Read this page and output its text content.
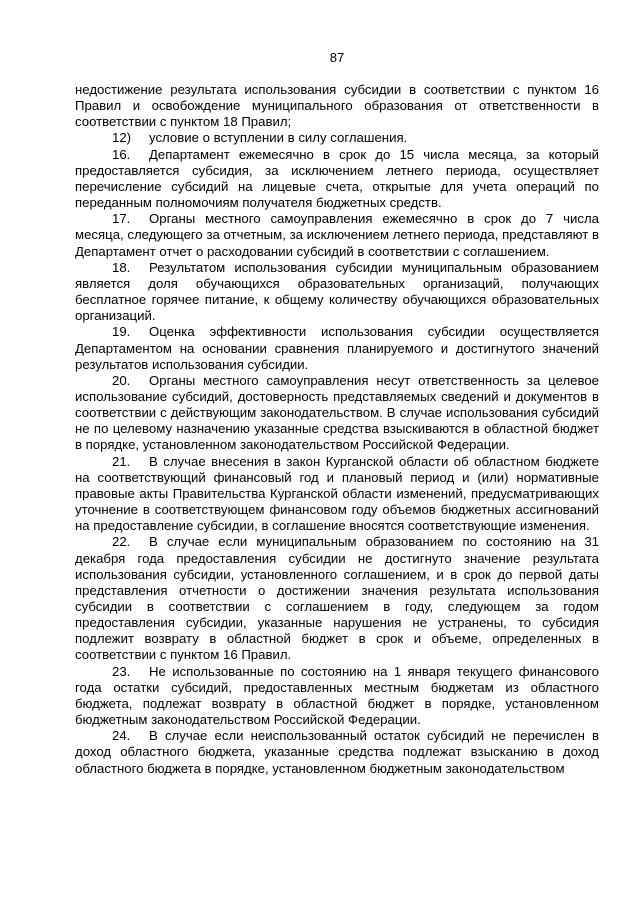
87

недостижение результата использования субсидии в соответствии с пунктом 16 Правил и освобождение муниципального образования от ответственности в соответствии с пунктом 18 Правил;

12) условие о вступлении в силу соглашения.

16. Департамент ежемесячно в срок до 15 числа месяца, за который предоставляется субсидия, за исключением летнего периода, осуществляет перечисление субсидий на лицевые счета, открытые для учета операций по переданным полномочиям получателя бюджетных средств.

17. Органы местного самоуправления ежемесячно в срок до 7 числа месяца, следующего за отчетным, за исключением летнего периода, представляют в Департамент отчет о расходовании субсидий в соответствии с соглашением.

18. Результатом использования субсидии муниципальным образованием является доля обучающихся образовательных организаций, получающих бесплатное горячее питание, к общему количеству обучающихся образовательных организаций.

19. Оценка эффективности использования субсидии осуществляется Департаментом на основании сравнения планируемого и достигнутого значений результатов использования субсидии.

20. Органы местного самоуправления несут ответственность за целевое использование субсидий, достоверность представляемых сведений и документов в соответствии с действующим законодательством. В случае использования субсидий не по целевому назначению указанные средства взыскиваются в областной бюджет в порядке, установленном законодательством Российской Федерации.

21. В случае внесения в закон Курганской области об областном бюджете на соответствующий финансовый год и плановый период и (или) нормативные правовые акты Правительства Курганской области изменений, предусматривающих уточнение в соответствующем финансовом году объемов бюджетных ассигнований на предоставление субсидии, в соглашение вносятся соответствующие изменения.

22. В случае если муниципальным образованием по состоянию на 31 декабря года предоставления субсидии не достигнуто значение результата использования субсидии, установленного соглашением, и в срок до первой даты представления отчетности о достижении значения результата использования субсидии в соответствии с соглашением в году, следующем за годом предоставления субсидии, указанные нарушения не устранены, то субсидия подлежит возврату в областной бюджет в срок и объеме, определенных в соответствии с пунктом 16 Правил.

23. Не использованные по состоянию на 1 января текущего финансового года остатки субсидий, предоставленных местным бюджетам из областного бюджета, подлежат возврату в областной бюджет в порядке, установленном бюджетным законодательством Российской Федерации.

24. В случае если неиспользованный остаток субсидий не перечислен в доход областного бюджета, указанные средства подлежат взысканию в доход областного бюджета в порядке, установленном бюджетным законодательством
